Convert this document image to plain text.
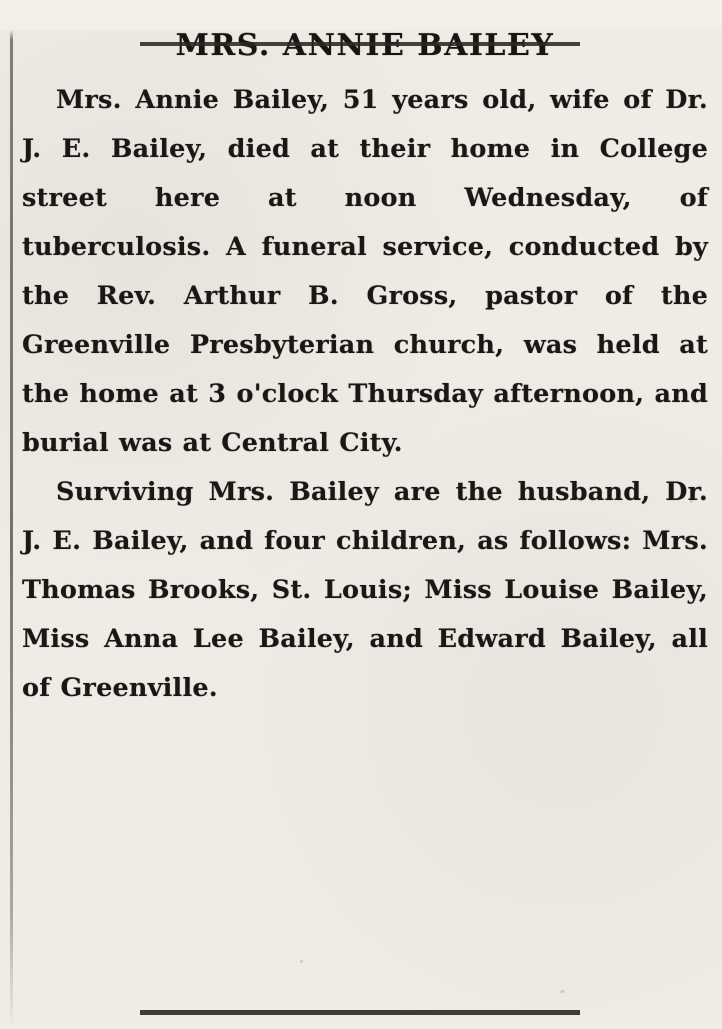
Mrs. Annie Bailey, 51 years old, wife of Dr. J. E. Bailey, died at their home in College street here at noon Wednesday, of tuberculosis. A funeral service, conducted by the Rev. Arthur B. Gross, pastor of the Greenville Presbyterian church, was held at the home at 3 o'clock Thursday afternoon, and burial was at Central City.

Surviving Mrs. Bailey are the husband, Dr. J. E. Bailey, and four children, as follows: Mrs. Thomas Brooks, St. Louis; Miss Louise Bailey, Miss Anna Lee Bailey, and Edward Bailey, all of Greenville.
